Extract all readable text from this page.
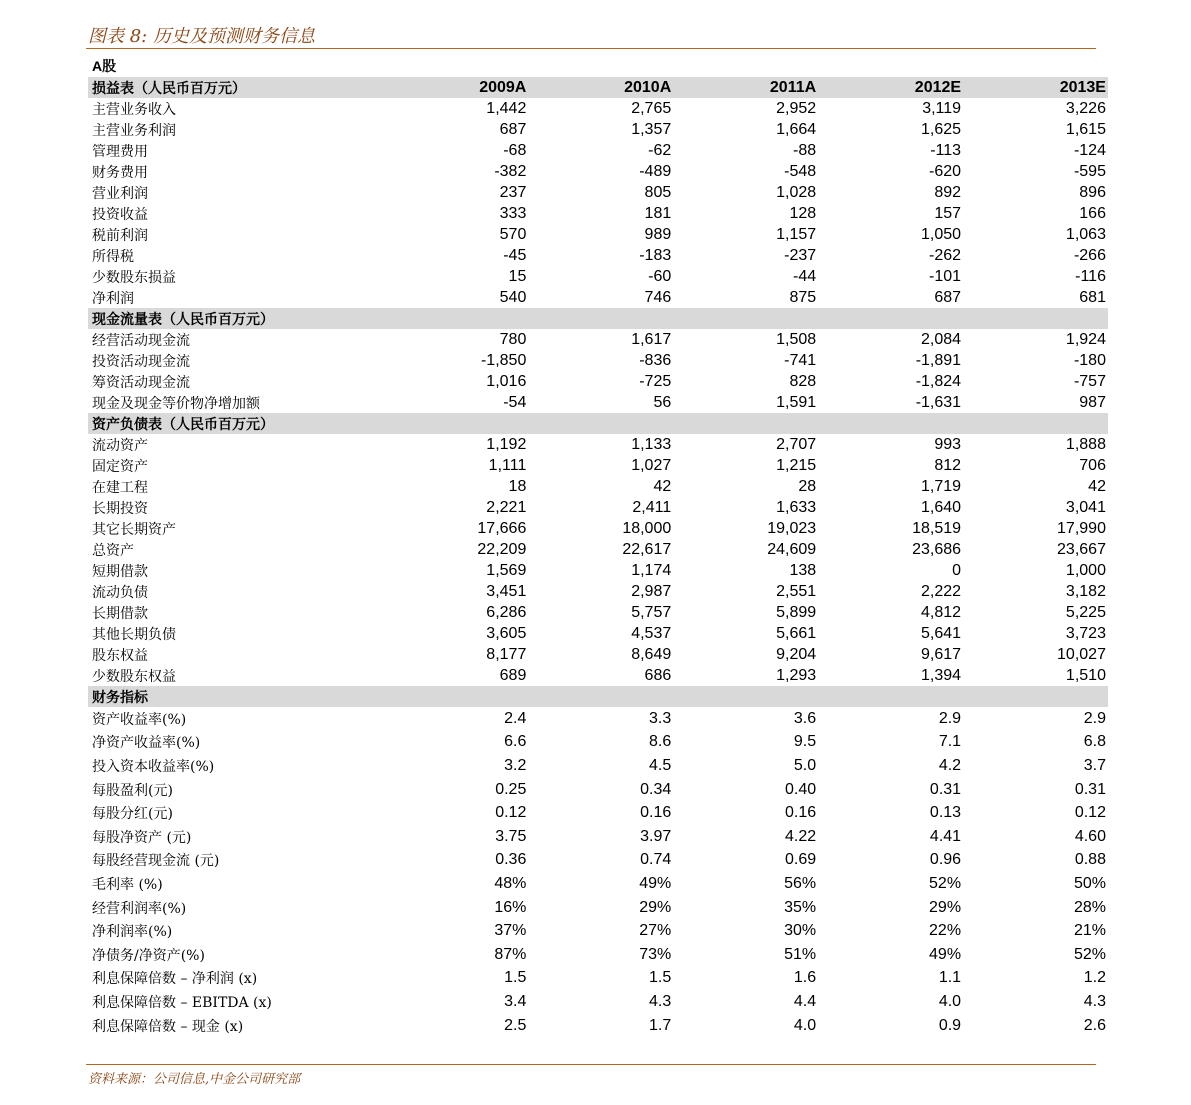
图表 8: 历史及预测财务信息
A股
损益表（人民币百万元）	2009A	2010A	2011A	2012E	2013E
主营业务收入	1,442	2,765	2,952	3,119	3,226
主营业务利润	687	1,357	1,664	1,625	1,615
管理费用	-68	-62	-88	-113	-124
财务费用	-382	-489	-548	-620	-595
营业利润	237	805	1,028	892	896
投资收益	333	181	128	157	166
税前利润	570	989	1,157	1,050	1,063
所得税	-45	-183	-237	-262	-266
少数股东损益	15	-60	-44	-101	-116
净利润	540	746	875	687	681
现金流量表（人民币百万元）
经营活动现金流	780	1,617	1,508	2,084	1,924
投资活动现金流	-1,850	-836	-741	-1,891	-180
筹资活动现金流	1,016	-725	828	-1,824	-757
现金及现金等价物净增加额	-54	56	1,591	-1,631	987
资产负债表（人民币百万元）
流动资产	1,192	1,133	2,707	993	1,888
固定资产	1,111	1,027	1,215	812	706
在建工程	18	42	28	1,719	42
长期投资	2,221	2,411	1,633	1,640	3,041
其它长期资产	17,666	18,000	19,023	18,519	17,990
总资产	22,209	22,617	24,609	23,686	23,667
短期借款	1,569	1,174	138	0	1,000
流动负债	3,451	2,987	2,551	2,222	3,182
长期借款	6,286	5,757	5,899	4,812	5,225
其他长期负债	3,605	4,537	5,661	5,641	3,723
股东权益	8,177	8,649	9,204	9,617	10,027
少数股东权益	689	686	1,293	1,394	1,510
财务指标
资产收益率(%)	2.4	3.3	3.6	2.9	2.9
净资产收益率(%)	6.6	8.6	9.5	7.1	6.8
投入资本收益率(%)	3.2	4.5	5.0	4.2	3.7
每股盈利(元)	0.25	0.34	0.40	0.31	0.31
每股分红(元)	0.12	0.16	0.16	0.13	0.12
每股净资产 (元)	3.75	3.97	4.22	4.41	4.60
每股经营现金流 (元)	0.36	0.74	0.69	0.96	0.88
毛利率 (%)	48%	49%	56%	52%	50%
经营利润率(%)	16%	29%	35%	29%	28%
净利润率(%)	37%	27%	30%	22%	21%
净债务/净资产(%)	87%	73%	51%	49%	52%
利息保障倍数 – 净利润 (x)	1.5	1.5	1.6	1.1	1.2
利息保障倍数 – EBITDA (x)	3.4	4.3	4.4	4.0	4.3
利息保障倍数 – 现金 (x)	2.5	1.7	4.0	0.9	2.6
资料来源：公司信息,中金公司研究部
